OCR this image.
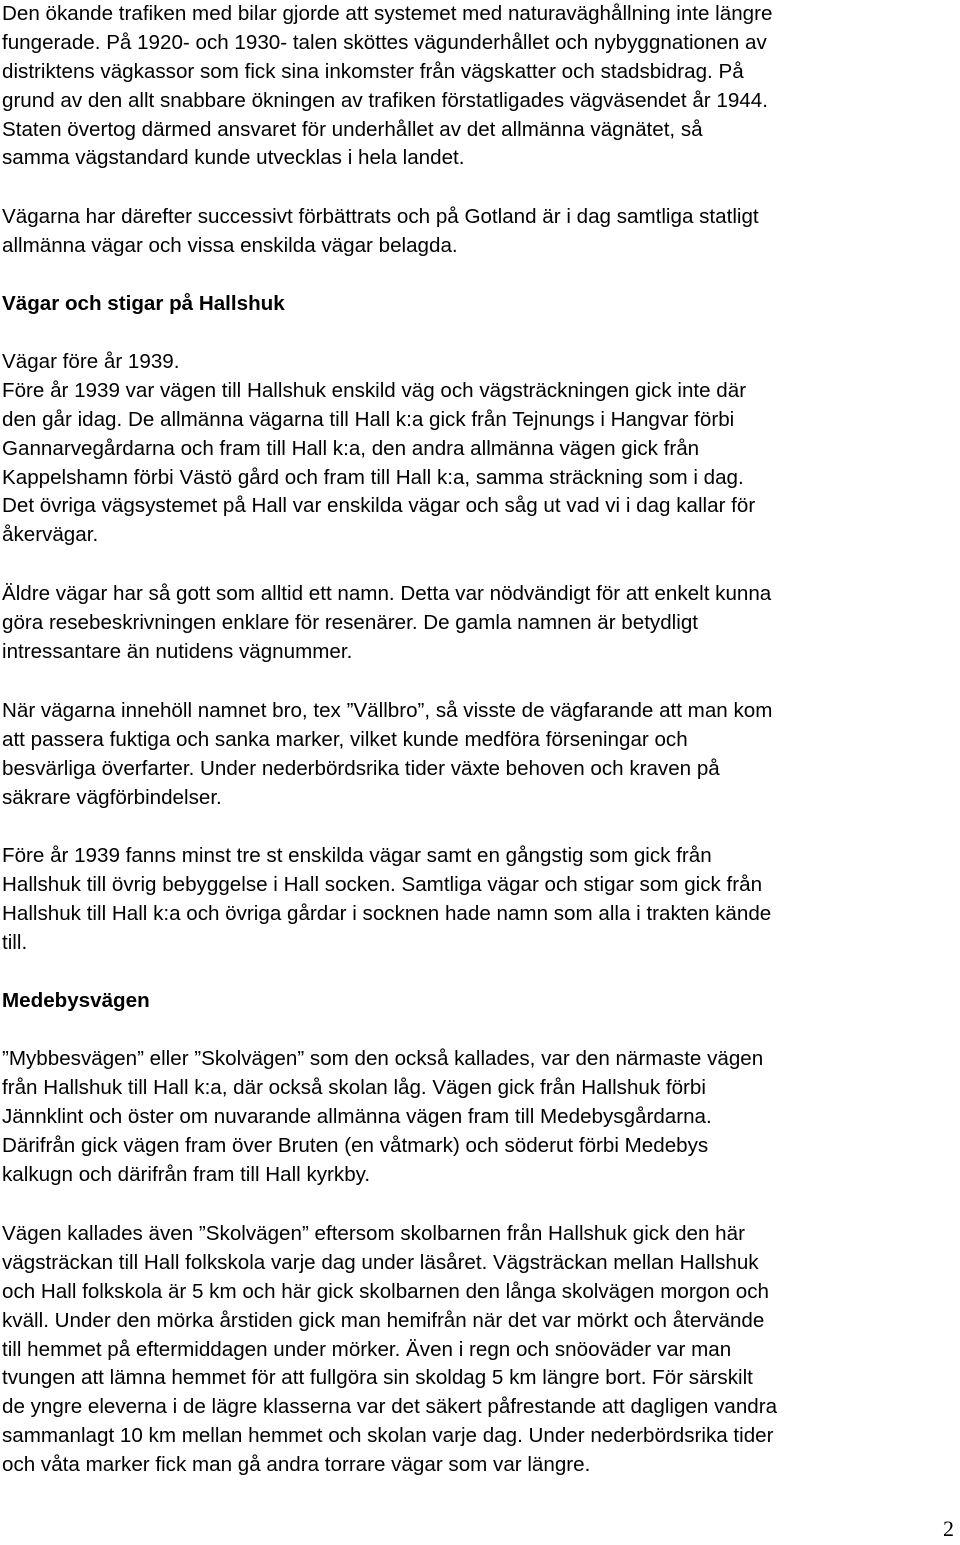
Den ökande trafiken med bilar gjorde att systemet med naturaväghållning inte längre
fungerade. På 1920- och 1930- talen sköttes vägunderhållet och nybyggnationen av
distriktens vägkassor som fick sina inkomster från vägskatter och stadsbidrag. På
grund av den allt snabbare ökningen av trafiken förstatligades vägväsendet år 1944.
Staten övertog därmed ansvaret för underhållet av det allmänna vägnätet, så
samma vägstandard kunde utvecklas i hela landet.
Vägarna har därefter successivt förbättrats och på Gotland är i dag samtliga statligt
allmänna vägar och vissa enskilda vägar belagda.
Vägar och stigar på Hallshuk
Vägar före år 1939.
Före år 1939 var vägen till Hallshuk enskild väg och vägsträckningen gick inte där
den går idag. De allmänna vägarna till Hall k:a gick från Tejnungs i Hangvar förbi
Gannarvegårdarna och fram till Hall k:a, den andra allmänna vägen gick från
Kappelshamn förbi Västö gård och fram till Hall k:a, samma sträckning som i dag.
Det övriga vägsystemet på Hall var enskilda vägar och såg ut vad vi i dag kallar för
åkervägar.
Äldre vägar har så gott som alltid ett namn. Detta var nödvändigt för att enkelt kunna
göra resebeskrivningen enklare för resenärer. De gamla namnen är betydligt
intressantare än nutidens vägnummer.
När vägarna innehöll namnet bro, tex ”Vällbro”, så visste de vägfarande att man kom
att passera fuktiga och sanka marker, vilket kunde medföra förseningar och
besvärliga överfarter. Under nederbördsrika tider växte behoven och kraven på
säkrare vägförbindelser.
Före år 1939 fanns minst tre st enskilda vägar samt en gångstig som gick från
Hallshuk till övrig bebyggelse i Hall socken. Samtliga vägar och stigar som gick från
Hallshuk till Hall k:a och övriga gårdar i socknen hade namn som alla i trakten kände
till.
Medebysvägen
”Mybbesvägen” eller ”Skolvägen” som den också kallades, var den närmaste vägen
från Hallshuk till Hall k:a, där också skolan låg. Vägen gick från Hallshuk förbi
Jännklint och öster om nuvarande allmänna vägen fram till Medebysgårdarna.
Därifrån gick vägen fram över Bruten (en våtmark) och söderut förbi Medebys
kalkugn och därifrån fram till Hall kyrkby.
Vägen kallades även ”Skolvägen” eftersom skolbarnen från Hallshuk gick den här
vägsträckan till Hall folkskola varje dag under läsåret. Vägsträckan mellan Hallshuk
och Hall folkskola är 5 km och här gick skolbarnen den långa skolvägen morgon och
kväll. Under den mörka årstiden gick man hemifrån när det var mörkt och återvände
till hemmet på eftermiddagen under mörker. Även i regn och snöoväder var man
tvungen att lämna hemmet för att fullgöra sin skoldag 5 km längre bort. För särskilt
de yngre eleverna i de lägre klasserna var det säkert påfrestande att dagligen vandra
sammanlagt 10 km mellan hemmet och skolan varje dag. Under nederbördsrika tider
och våta marker fick man gå andra torrare vägar som var längre.
2
